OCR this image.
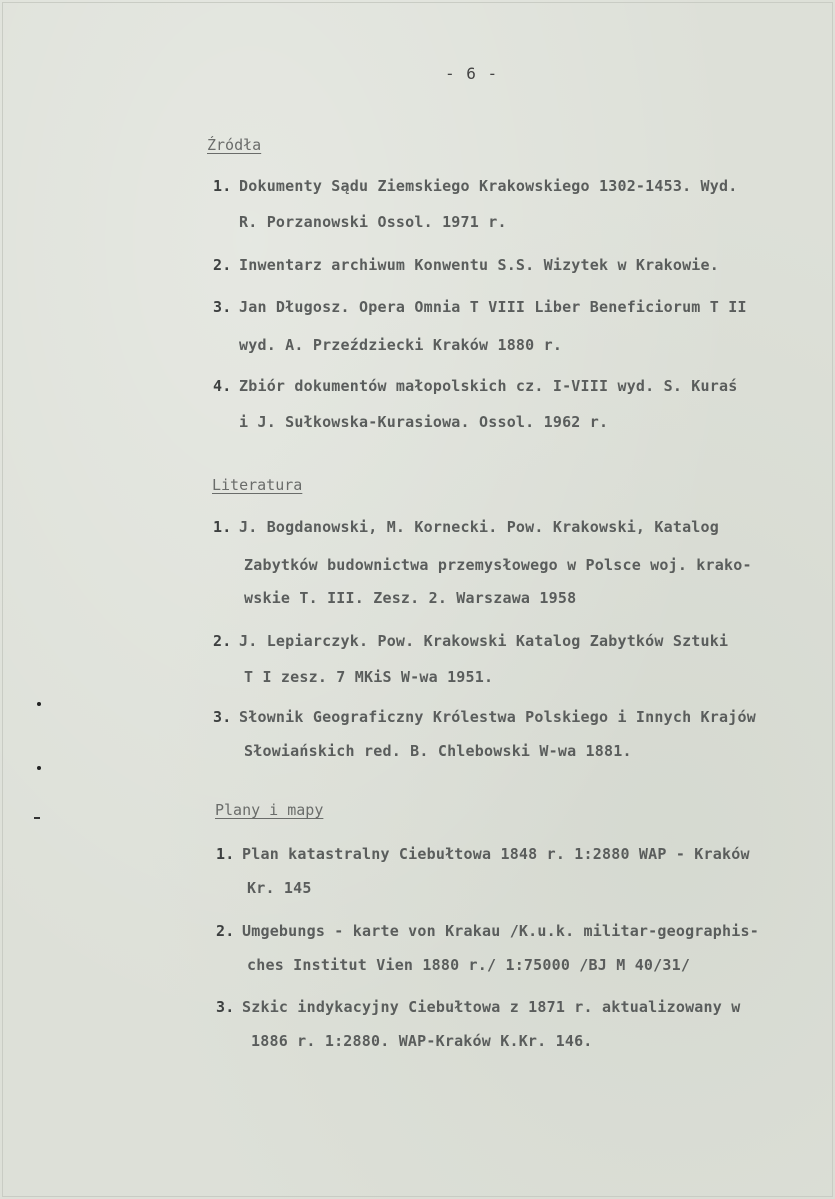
- 6 -
Źródła
1. Dokumenty Sądu Ziemskiego Krakowskiego 1302-1453. Wyd.
R. Porzanowski Ossol. 1971 r.
2. Inwentarz archiwum Konwentu S.S. Wizytek w Krakowie.
3. Jan Długosz. Opera Omnia T VIII Liber Beneficiorum T II
wyd. A. Przeździecki Kraków 1880 r.
4. Zbiór dokumentów małopolskich cz. I-VIII wyd. S. Kuraś
i J. Sułkowska-Kurasiowa. Ossol. 1962 r.
Literatura
1. J. Bogdanowski, M. Kornecki. Pow. Krakowski, Katalog
Zabytków budownictwa przemysłowego w Polsce woj. krako-
wskie T. III. Zesz. 2. Warszawa 1958
2. J. Lepiarczyk. Pow. Krakowski Katalog Zabytków Sztuki
T I zesz. 7 MKiS W-wa 1951.
3. Słownik Geograficzny Królestwa Polskiego i Innych Krajów
Słowiańskich red. B. Chlebowski W-wa 1881.
Plany i mapy
1. Plan katastralny Ciebułtowa 1848 r. 1:2880 WAP - Kraków
Kr. 145
2. Umgebungs - karte von Krakau /K.u.k. militar-geographis-
ches Institut Vien 1880 r./ 1:75000 /BJ M 40/31/
3. Szkic indykacyjny Ciebułtowa z 1871 r. aktualizowany w
1886 r. 1:2880. WAP-Kraków K.Kr. 146.
